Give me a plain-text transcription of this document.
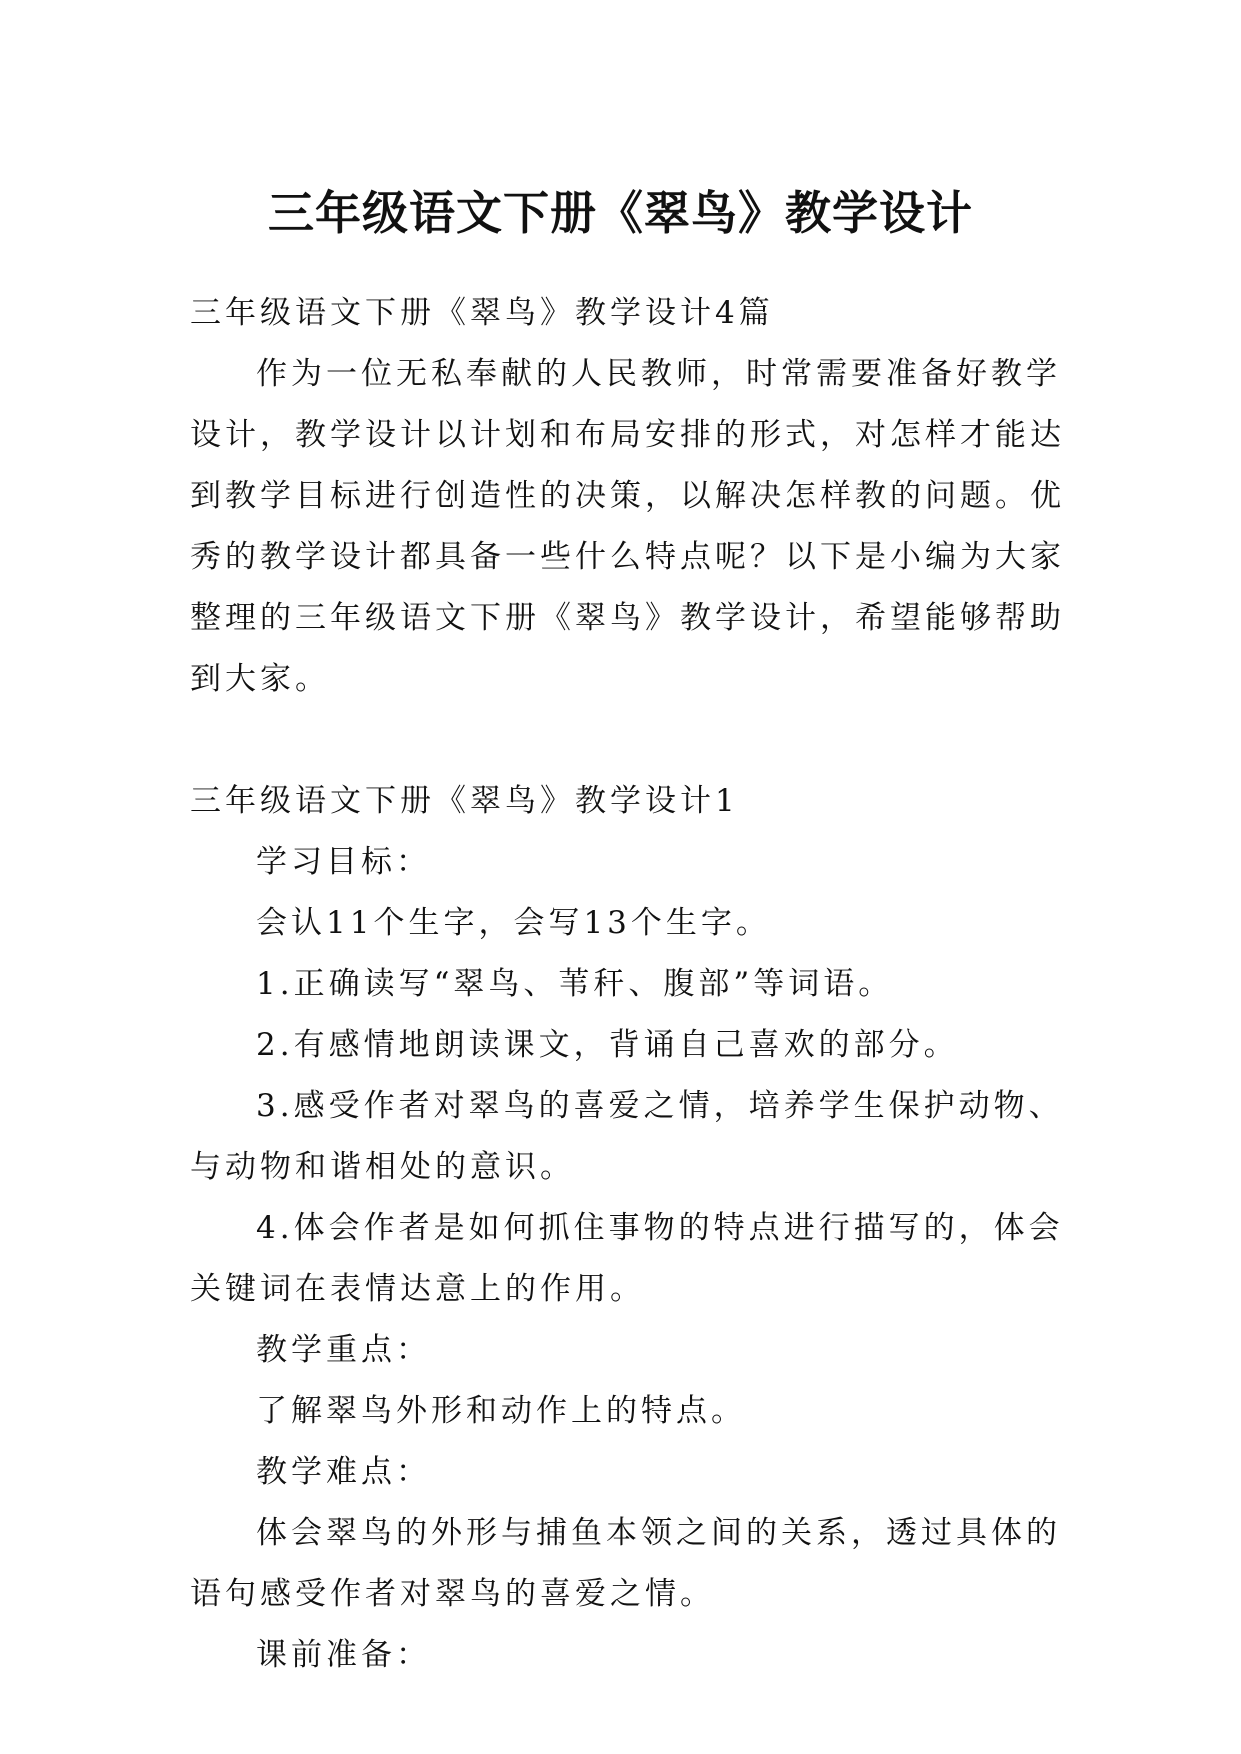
三年级语文下册《翠鸟》教学设计

三年级语文下册《翠鸟》教学设计4篇

作为一位无私奉献的人民教师，时常需要准备好教学设计，教学设计以计划和布局安排的形式，对怎样才能达到教学目标进行创造性的决策，以解决怎样教的问题。优秀的教学设计都具备一些什么特点呢？以下是小编为大家整理的三年级语文下册《翠鸟》教学设计，希望能够帮助到大家。

三年级语文下册《翠鸟》教学设计1

学习目标：

会认11个生字，会写13个生字。

1.正确读写“翠鸟、苇秆、腹部”等词语。

2.有感情地朗读课文，背诵自己喜欢的部分。

3.感受作者对翠鸟的喜爱之情，培养学生保护动物、与动物和谐相处的意识。

4.体会作者是如何抓住事物的特点进行描写的，体会关键词在表情达意上的作用。

教学重点：

了解翠鸟外形和动作上的特点。

教学难点：

体会翠鸟的外形与捕鱼本领之间的关系，透过具体的语句感受作者对翠鸟的喜爱之情。

课前准备：
